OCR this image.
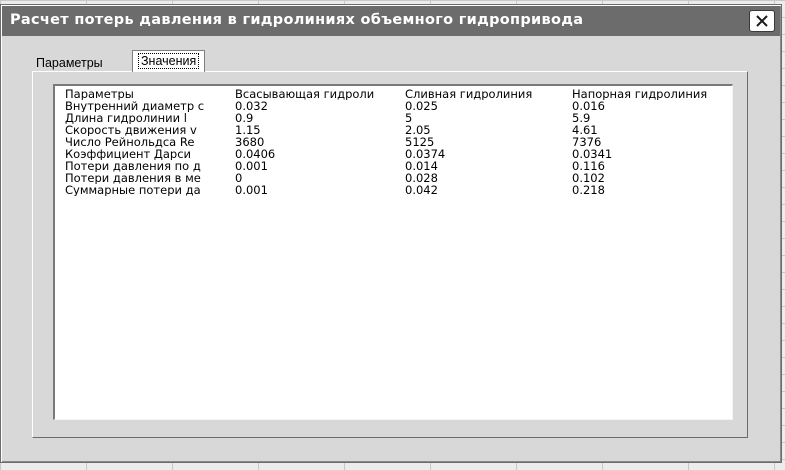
Расчет потерь давления в гидролиниях объемного гидропривода
Параметры	Значения
Параметры	Всасывающая гидроли	Сливная гидролиния	Напорная гидролиния
Внутренний диаметр с	0.032	0.025	0.016
Длина гидролинии l	0.9	5	5.9
Скорость движения v	1.15	2.05	4.61
Число Рейнольдса Re	3680	5125	7376
Коэффициент Дарси	0.0406	0.0374	0.0341
Потери давления по д	0.001	0.014	0.116
Потери давления в ме	0	0.028	0.102
Суммарные потери да	0.001	0.042	0.218
